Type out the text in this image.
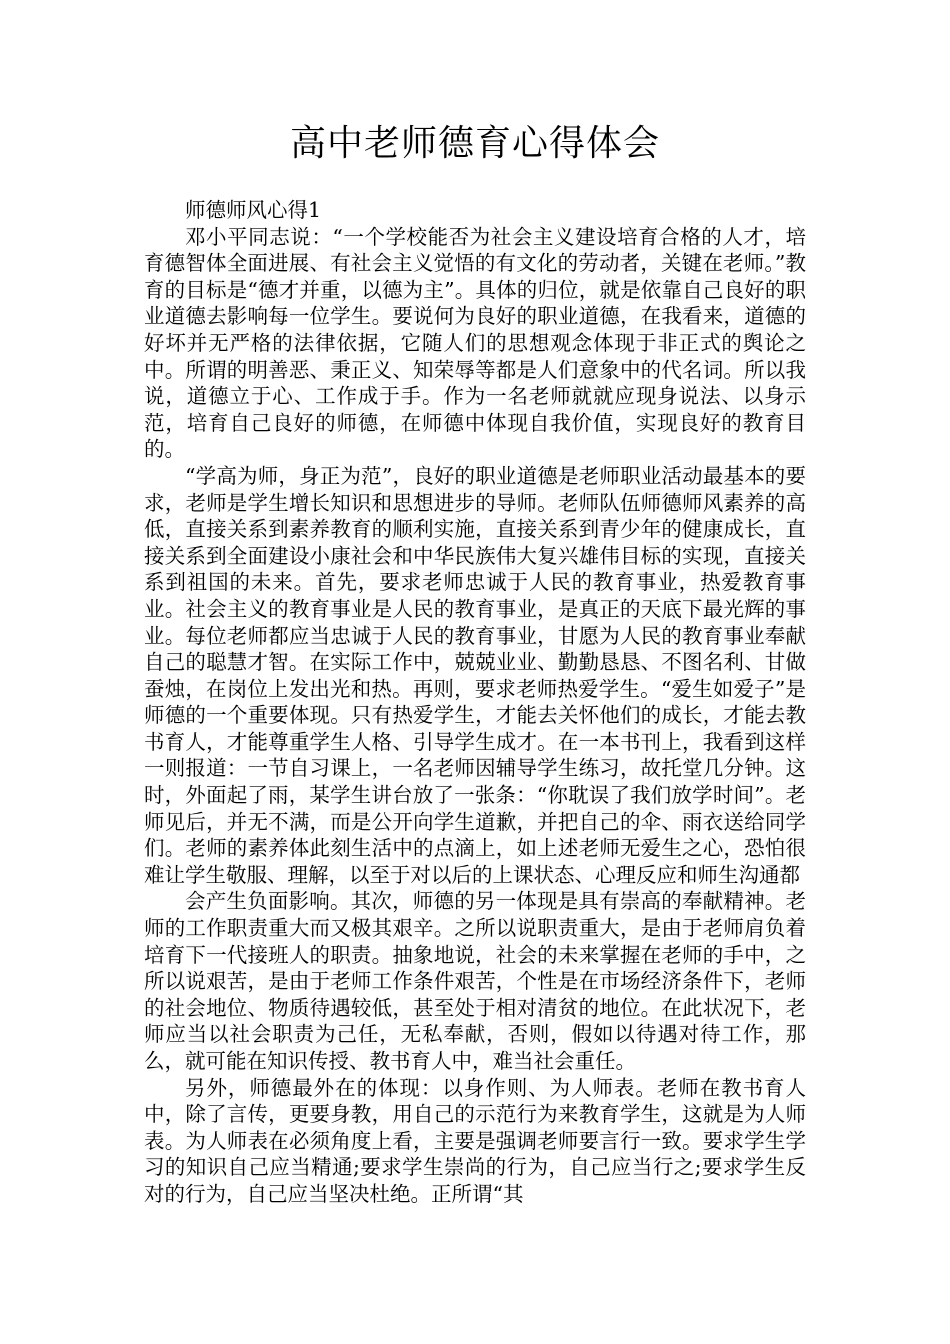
高中老师德育心得体会

师德师风心得1

邓小平同志说：“一个学校能否为社会主义建设培育合格的人才，培育德智体全面进展、有社会主义觉悟的有文化的劳动者，关键在老师。”教育的目标是“德才并重，以德为主”。具体的归位，就是依靠自己良好的职业道德去影响每一位学生。要说何为良好的职业道德，在我看来，道德的好坏并无严格的法律依据，它随人们的思想观念体现于非正式的舆论之中。所谓的明善恶、秉正义、知荣辱等都是人们意象中的代名词。所以我说，道德立于心、工作成于手。作为一名老师就就应现身说法、以身示范，培育自己良好的师德，在师德中体现自我价值，实现良好的教育目的。

“学高为师，身正为范”，良好的职业道德是老师职业活动最基本的要求，老师是学生增长知识和思想进步的导师。老师队伍师德师风素养的高低，直接关系到素养教育的顺利实施，直接关系到青少年的健康成长，直接关系到全面建设小康社会和中华民族伟大复兴雄伟目标的实现，直接关系到祖国的未来。首先，要求老师忠诚于人民的教育事业，热爱教育事业。社会主义的教育事业是人民的教育事业，是真正的天底下最光辉的事业。每位老师都应当忠诚于人民的教育事业，甘愿为人民的教育事业奉献自己的聪慧才智。在实际工作中，兢兢业业、勤勤恳恳、不图名利、甘做蚕烛，在岗位上发出光和热。再则，要求老师热爱学生。“爱生如爱子”是师德的一个重要体现。只有热爱学生，才能去关怀他们的成长，才能去教书育人，才能尊重学生人格、引导学生成才。在一本书刊上，我看到这样一则报道：一节自习课上，一名老师因辅导学生练习，故托堂几分钟。这时，外面起了雨，某学生讲台放了一张条：“你耽误了我们放学时间”。老师见后，并无不满，而是公开向学生道歉，并把自己的伞、雨衣送给同学们。老师的素养体此刻生活中的点滴上，如上述老师无爱生之心，恐怕很难让学生敬服、理解，以至于对以后的上课状态、心理反应和师生沟通都

会产生负面影响。其次，师德的另一体现是具有崇高的奉献精神。老师的工作职责重大而又极其艰辛。之所以说职责重大，是由于老师肩负着培育下一代接班人的职责。抽象地说，社会的未来掌握在老师的手中，之所以说艰苦，是由于老师工作条件艰苦，个性是在市场经济条件下，老师的社会地位、物质待遇较低，甚至处于相对清贫的地位。在此状况下，老师应当以社会职责为己任，无私奉献，否则，假如以待遇对待工作，那么，就可能在知识传授、教书育人中，难当社会重任。

另外，师德最外在的体现：以身作则、为人师表。老师在教书育人中，除了言传，更要身教，用自己的示范行为来教育学生，这就是为人师表。为人师表在必须角度上看，主要是强调老师要言行一致。要求学生学习的知识自己应当精通;要求学生崇尚的行为，自己应当行之;要求学生反对的行为，自己应当坚决杜绝。正所谓“其
